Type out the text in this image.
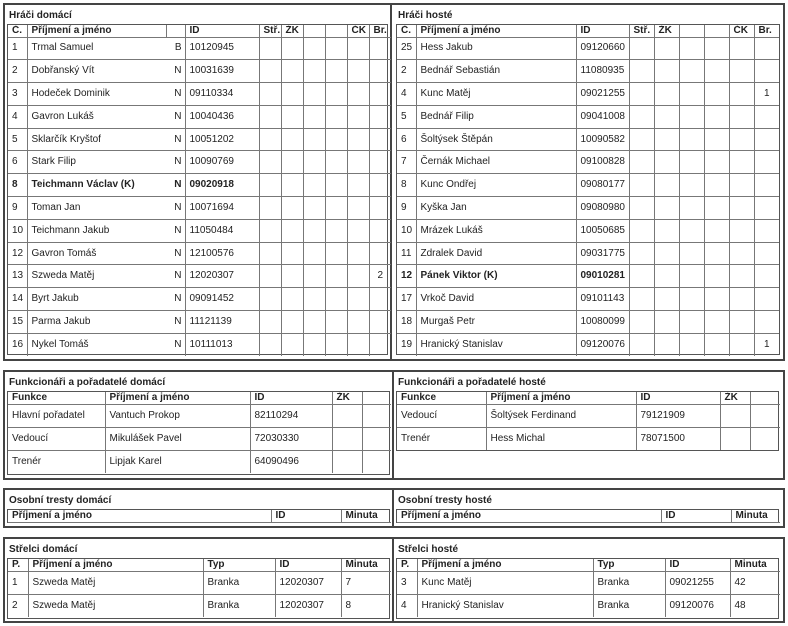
Hráči domácí
Č.	Příjmení a jméno		ID	Stř.	ŽK			ČK	Br.
1	Trmal Samuel	B	10120945						
2	Dobřanský Vít	N	10031639						
3	Hodeček Dominik	N	09110334						
4	Gavron Lukáš	N	10040436						
5	Sklarčík Kryštof	N	10051202						
6	Stark Filip	N	10090769						
8	Teichmann Václav (K)	N	09020918						
9	Toman Jan	N	10071694						
10	Teichmann Jakub	N	11050484						
12	Gavron Tomáš	N	12100576						
13	Szweda Matěj	N	12020307						2
14	Byrt Jakub	N	09091452						
15	Parma Jakub	N	11121139						
16	Nykel Tomáš	N	10111013						
Hráči hosté
Č.	Příjmení a jméno		ID	Stř.	ŽK			ČK	Br.
25	Hess Jakub		09120660						
2	Bednář Sebastián		11080935						
4	Kunc Matěj		09021255						1
5	Bednář Filip		09041008						
6	Šoltýsek Štěpán		10090582						
7	Černák Michael		09100828						
8	Kunc Ondřej		09080177						
9	Kyška Jan		09080980						
10	Mrázek Lukáš		10050685						
11	Zdralek David		09031775						
12	Pánek Viktor (K)		09010281						
17	Vrkoč David		09101143						
18	Murgaš Petr		10080099						
19	Hranický Stanislav		09120076						1
Funkcionáři a pořadatelé domácí
Funkce	Příjmení a jméno	ID	ŽK	
Hlavní pořadatel	Vantuch Prokop	82110294		
Vedoucí	Mikulášek Pavel	72030330		
Trenér	Lipjak Karel	64090496		
Funkcionáři a pořadatelé hosté
Funkce	Příjmení a jméno	ID	ŽK	
Vedoucí	Šoltýsek Ferdinand	79121909		
Trenér	Hess Michal	78071500		
Osobní tresty domácí
Příjmení a jméno	ID	Minuta
Osobní tresty hosté
Příjmení a jméno	ID	Minuta
Střelci domácí
P.	Příjmení a jméno	Typ	ID	Minuta
1	Szweda Matěj	Branka	12020307	7
2	Szweda Matěj	Branka	12020307	8
Střelci hosté
P.	Příjmení a jméno	Typ	ID	Minuta
3	Kunc Matěj	Branka	09021255	42
4	Hranický Stanislav	Branka	09120076	48
